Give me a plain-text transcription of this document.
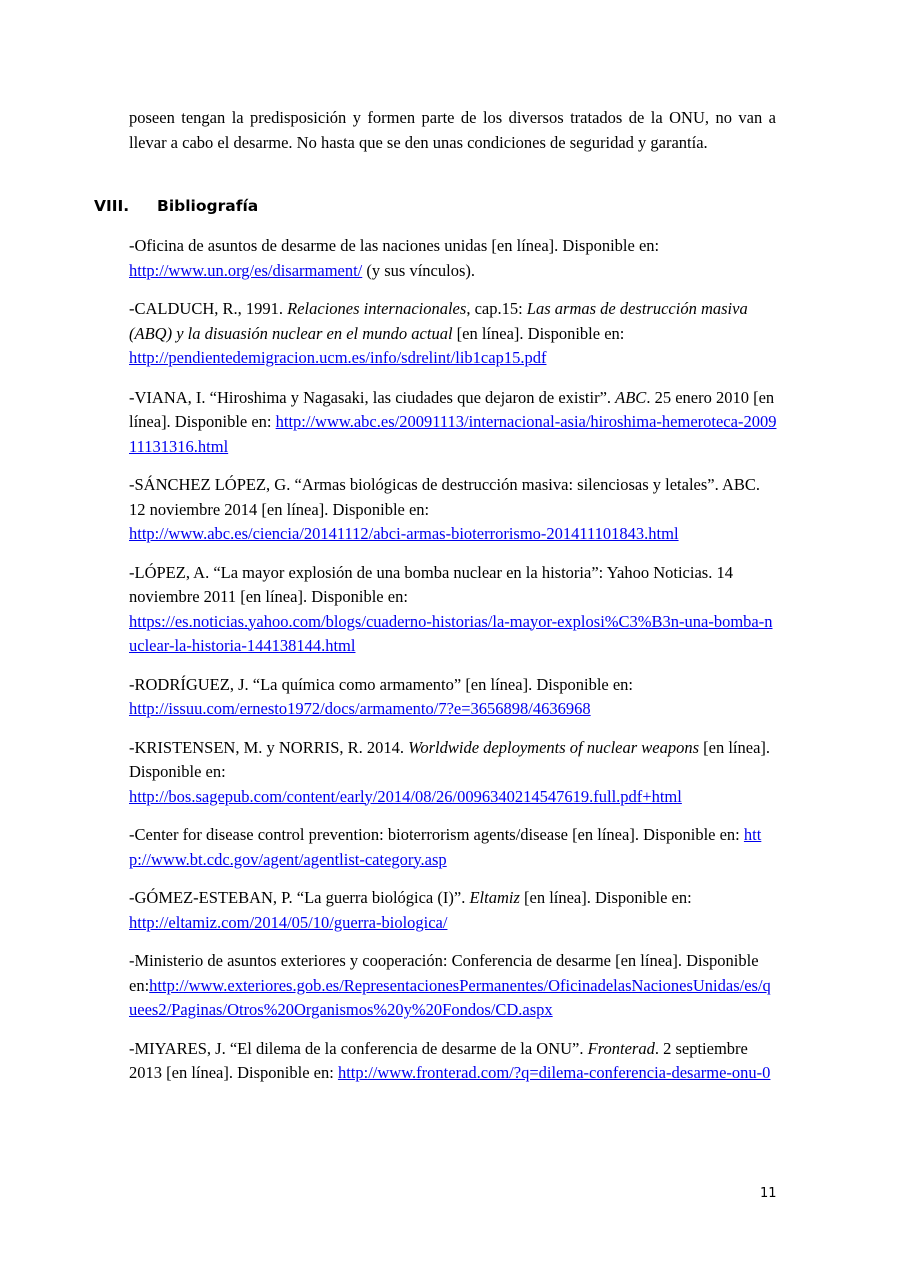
poseen tengan la predisposición y formen parte de los diversos tratados de la ONU, no van a llevar a cabo el desarme. No hasta que se den unas condiciones de seguridad y garantía.

VIII. Bibliografía

-Oficina de asuntos de desarme de las naciones unidas [en línea]. Disponible en:
http://www.un.org/es/disarmament/ (y sus vínculos).

-CALDUCH, R., 1991. Relaciones internacionales, cap.15: Las armas de destrucción masiva (ABQ) y la disuasión nuclear en el mundo actual [en línea]. Disponible en:
http://pendientedemigracion.ucm.es/info/sdrelint/lib1cap15.pdf

-VIANA, I. “Hiroshima y Nagasaki, las ciudades que dejaron de existir”. ABC. 25 enero 2010 [en línea]. Disponible en: http://www.abc.es/20091113/internacional-asia/hiroshima-hemeroteca-200911131316.html

-SÁNCHEZ LÓPEZ, G. “Armas biológicas de destrucción masiva: silenciosas y letales”. ABC. 12 noviembre 2014 [en línea]. Disponible en:
http://www.abc.es/ciencia/20141112/abci-armas-bioterrorismo-201411101843.html

-LÓPEZ, A. “La mayor explosión de una bomba nuclear en la historia”: Yahoo Noticias. 14 noviembre 2011 [en línea]. Disponible en:
https://es.noticias.yahoo.com/blogs/cuaderno-historias/la-mayor-explosi%C3%B3n-una-bomba-nuclear-la-historia-144138144.html

-RODRÍGUEZ, J. “La química como armamento” [en línea]. Disponible en:
http://issuu.com/ernesto1972/docs/armamento/7?e=3656898/4636968

-KRISTENSEN, M. y NORRIS, R. 2014. Worldwide deployments of nuclear weapons [en línea]. Disponible en:
http://bos.sagepub.com/content/early/2014/08/26/0096340214547619.full.pdf+html

-Center for disease control prevention: bioterrorism agents/disease [en línea]. Disponible en: http://www.bt.cdc.gov/agent/agentlist-category.asp

-GÓMEZ-ESTEBAN, P. “La guerra biológica (I)”. Eltamiz [en línea]. Disponible en:
http://eltamiz.com/2014/05/10/guerra-biologica/

-Ministerio de asuntos exteriores y cooperación: Conferencia de desarme [en línea]. Disponible en:http://www.exteriores.gob.es/RepresentacionesPermanentes/OficinadelasNacionesUnidas/es/quees2/Paginas/Otros%20Organismos%20y%20Fondos/CD.aspx

-MIYARES, J. “El dilema de la conferencia de desarme de la ONU”. Fronterad. 2 septiembre 2013 [en línea]. Disponible en: http://www.fronterad.com/?q=dilema-conferencia-desarme-onu-0

11
